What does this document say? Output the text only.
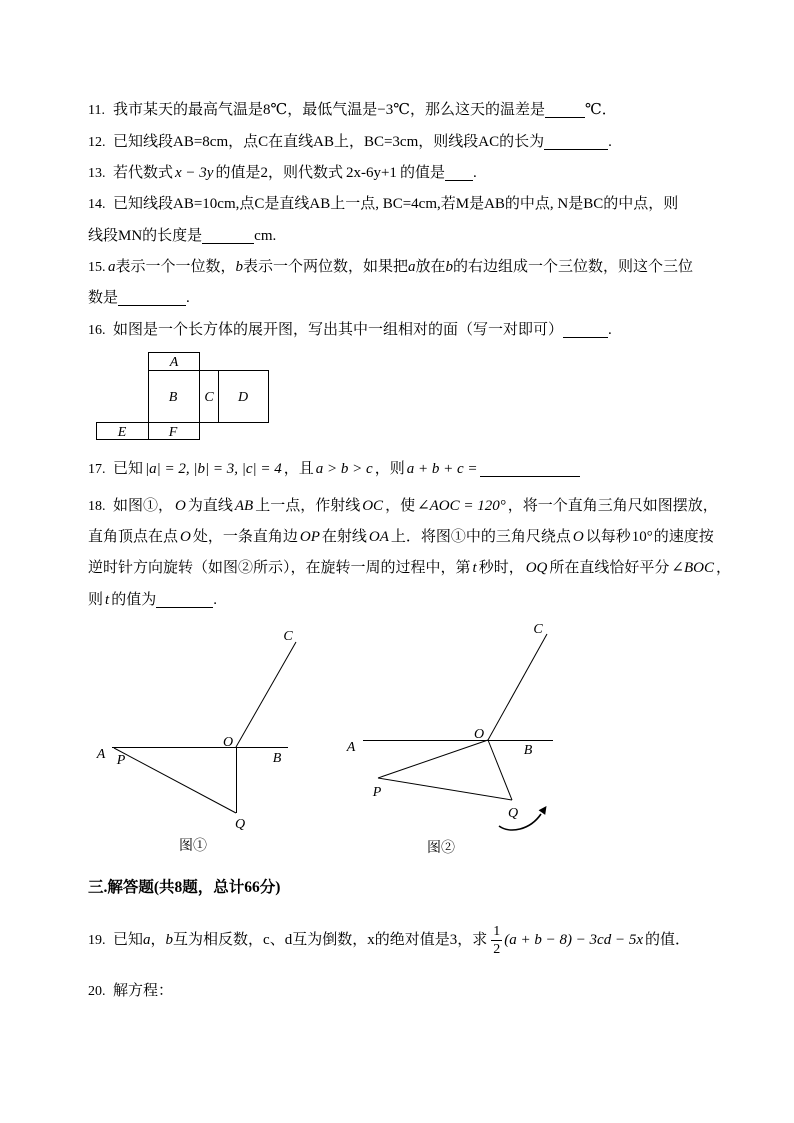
11. 我市某天的最高气温是8℃，最低气温是−3℃，那么这天的温差是	℃．
12. 已知线段AB=8cm，点C在直线AB上，BC=3cm，则线段AC的长为	.
13. 若代数式 x − 3y 的值是2，则代数式 2x-6y+1 的值是 .
14. 已知线段AB=10cm,点C是直线AB上一点, BC=4cm,若M是AB的中点, N是BC的中点，则
线段MN的长度是	cm.
15. a表示一个一位数，b表示一个两位数，如果把a放在b的右边组成一个三位数，则这个三位
数是	.
16. 如图是一个长方体的展开图，写出其中一组相对的面（写一对即可）	.
A
B C D
E	F
17. 已知 |a| = 2, |b| = 3, |c| = 4 ，且 a > b > c ，则 a + b + c =
18. 如图①， O 为直线 AB 上一点，作射线 OC ，使 ∠AOC = 120° ，将一个直角三角尺如图摆放，
直角顶点在点 O 处，一条直角边 OP 在射线 OA 上．将图①中的三角尺绕点 O 以每秒10°的速度按
逆时针方向旋转（如图②所示），在旋转一周的过程中，第 t 秒时， OQ 所在直线恰好平分 ∠BOC ，
则 t 的值为	.
A P
O
B
C
Q
图①
A
O
B
C
P
Q
图②
三.解答题(共8题，总计66分)
19. 已知a，b互为相反数，c、d互为倒数，x的绝对值是3，求 $\frac{1}{2} (a + b - 8) - 3cd - 5x$ 的值．
20. 解方程：
